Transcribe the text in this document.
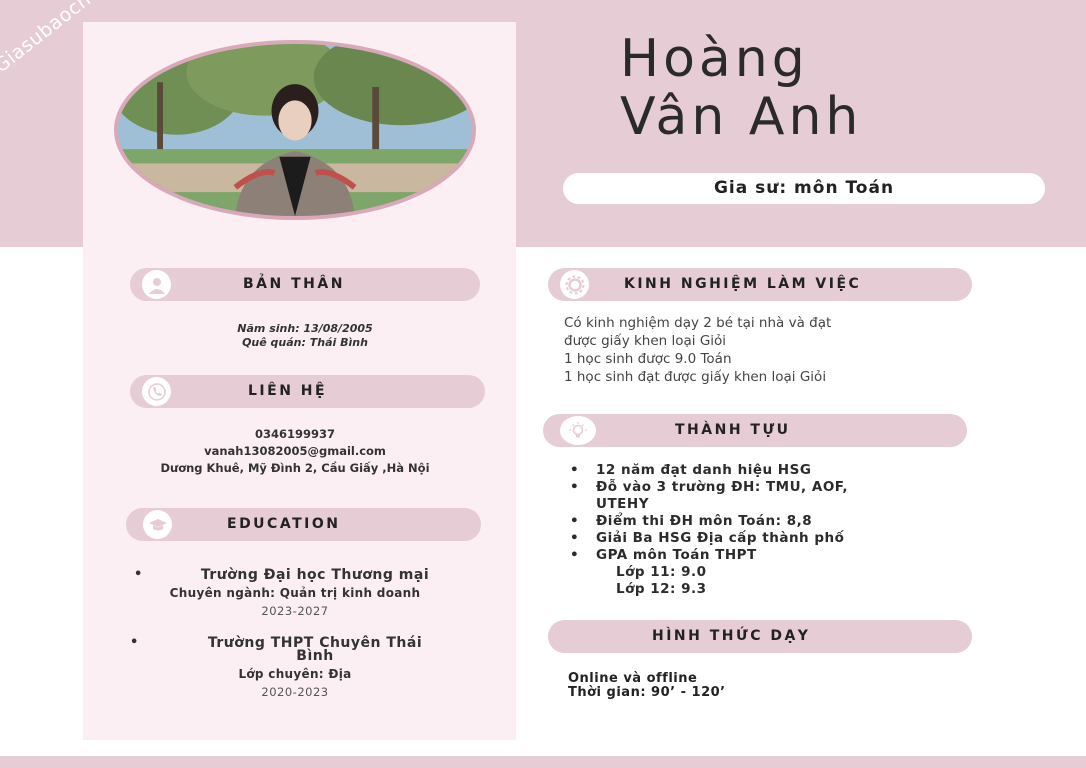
Hoàng
Vân Anh
Gia sư: môn Toán
BẢN THÂN
Năm sinh: 13/08/2005
Quê quán: Thái Bình
LIÊN HỆ
0346199937
vanah13082005@gmail.com
Dương Khuê, Mỹ Đình 2, Cầu Giấy ,Hà Nội
EDUCATION
•	Trường Đại học Thương mại
Chuyên ngành: Quản trị kinh doanh
2023-2027
•	Trường THPT Chuyên Thái
Bình
Lớp chuyên: Địa
2020-2023
KINH NGHIỆM LÀM VIỆC
Có kinh nghiệm dạy 2 bé tại nhà và đạt
được giấy khen loại Giỏi
1 học sinh được 9.0 Toán
1 học sinh đạt được giấy khen loại Giỏi
THÀNH TỰU
• 12 năm đạt danh hiệu HSG
• Đỗ vào 3 trường ĐH: TMU, AOF,
UTEHY
• Điểm thi ĐH môn Toán: 8,8
• Giải Ba HSG Địa cấp thành phố
• GPA môn Toán THPT
Lớp 11: 9.0
Lớp 12: 9.3
HÌNH THỨC DẠY
Online và offline
Thời gian: 90’ - 120’
